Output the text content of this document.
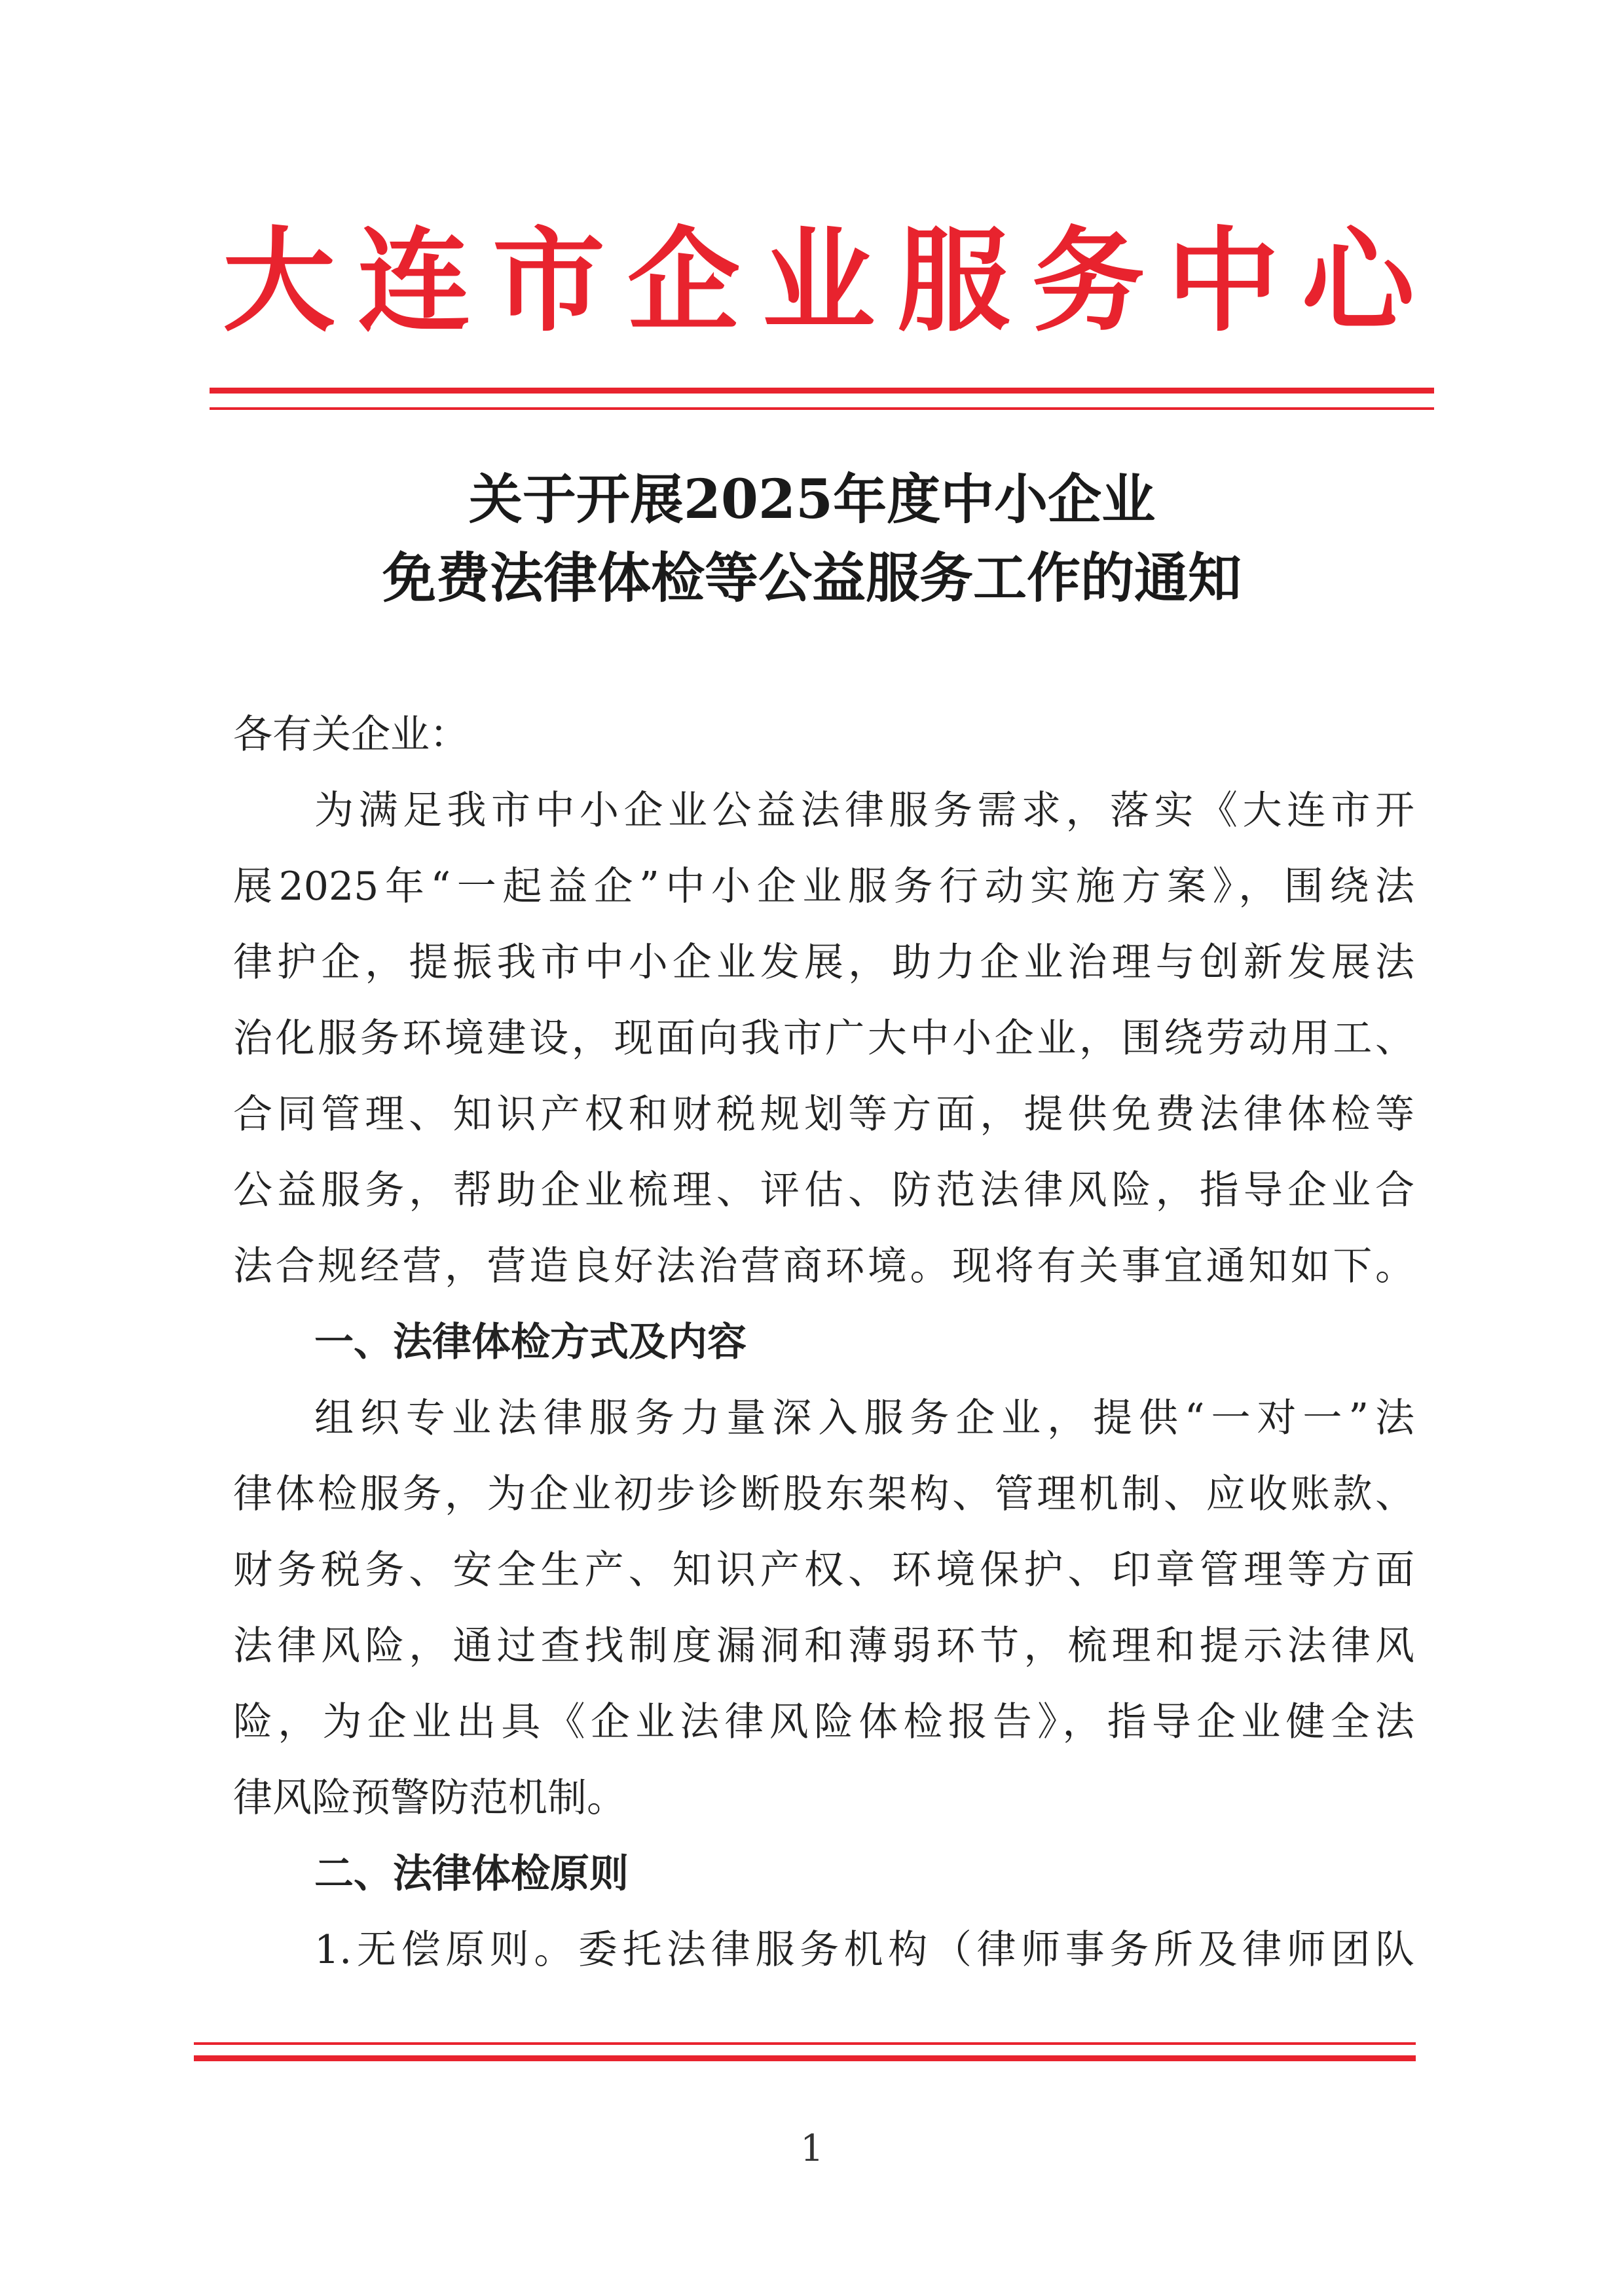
大 连 市 企 业 服 务 中 心
关于开展2025年度中小企业
免费法律体检等公益服务工作的通知
各有关企业：
为满足我市中小企业公益法律服务需求，落实《大连市开
展2025年“一起益企”中小企业服务行动实施方案》，围绕法
律护企，提振我市中小企业发展，助力企业治理与创新发展法
治化服务环境建设，现面向我市广大中小企业，围绕劳动用工、
合同管理、知识产权和财税规划等方面，提供免费法律体检等
公益服务，帮助企业梳理、评估、防范法律风险，指导企业合
法合规经营，营造良好法治营商环境。现将有关事宜通知如下。
一、法律体检方式及内容
组织专业法律服务力量深入服务企业，提供“一对一”法
律体检服务，为企业初步诊断股东架构、管理机制、应收账款、
财务税务、安全生产、知识产权、环境保护、印章管理等方面
法律风险，通过查找制度漏洞和薄弱环节，梳理和提示法律风
险，为企业出具《企业法律风险体检报告》，指导企业健全法
律风险预警防范机制。
二、法律体检原则
1.无偿原则。委托法律服务机构（律师事务所及律师团队
1
